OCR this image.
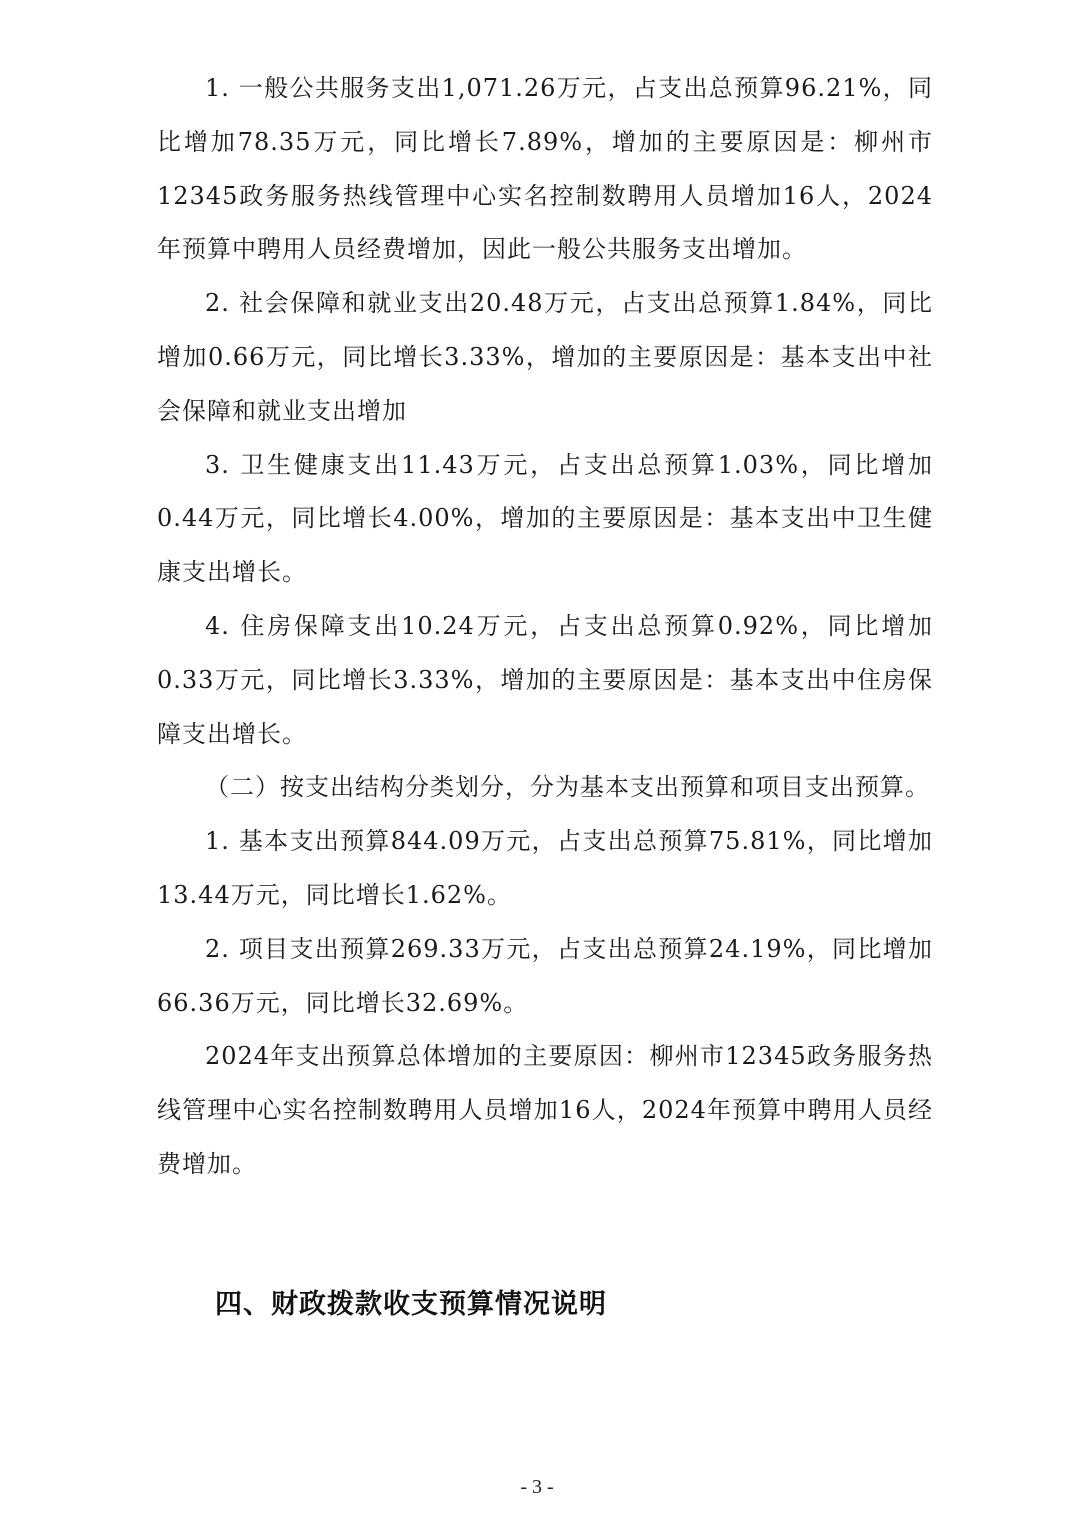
1. 一般公共服务支出1,071.26万元，占支出总预算96.21%，同比增加78.35万元，同比增长7.89%，增加的主要原因是：柳州市12345政务服务热线管理中心实名控制数聘用人员增加16人，2024年预算中聘用人员经费增加，因此一般公共服务支出增加。

2. 社会保障和就业支出20.48万元，占支出总预算1.84%，同比增加0.66万元，同比增长3.33%，增加的主要原因是：基本支出中社会保障和就业支出增加

3. 卫生健康支出11.43万元，占支出总预算1.03%，同比增加0.44万元，同比增长4.00%，增加的主要原因是：基本支出中卫生健康支出增长。

4. 住房保障支出10.24万元，占支出总预算0.92%，同比增加0.33万元，同比增长3.33%，增加的主要原因是：基本支出中住房保障支出增长。

（二）按支出结构分类划分，分为基本支出预算和项目支出预算。

1. 基本支出预算844.09万元，占支出总预算75.81%，同比增加13.44万元，同比增长1.62%。

2. 项目支出预算269.33万元，占支出总预算24.19%，同比增加66.36万元，同比增长32.69%。

2024年支出预算总体增加的主要原因：柳州市12345政务服务热线管理中心实名控制数聘用人员增加16人，2024年预算中聘用人员经费增加。

四、财政拨款收支预算情况说明
- 3 -
